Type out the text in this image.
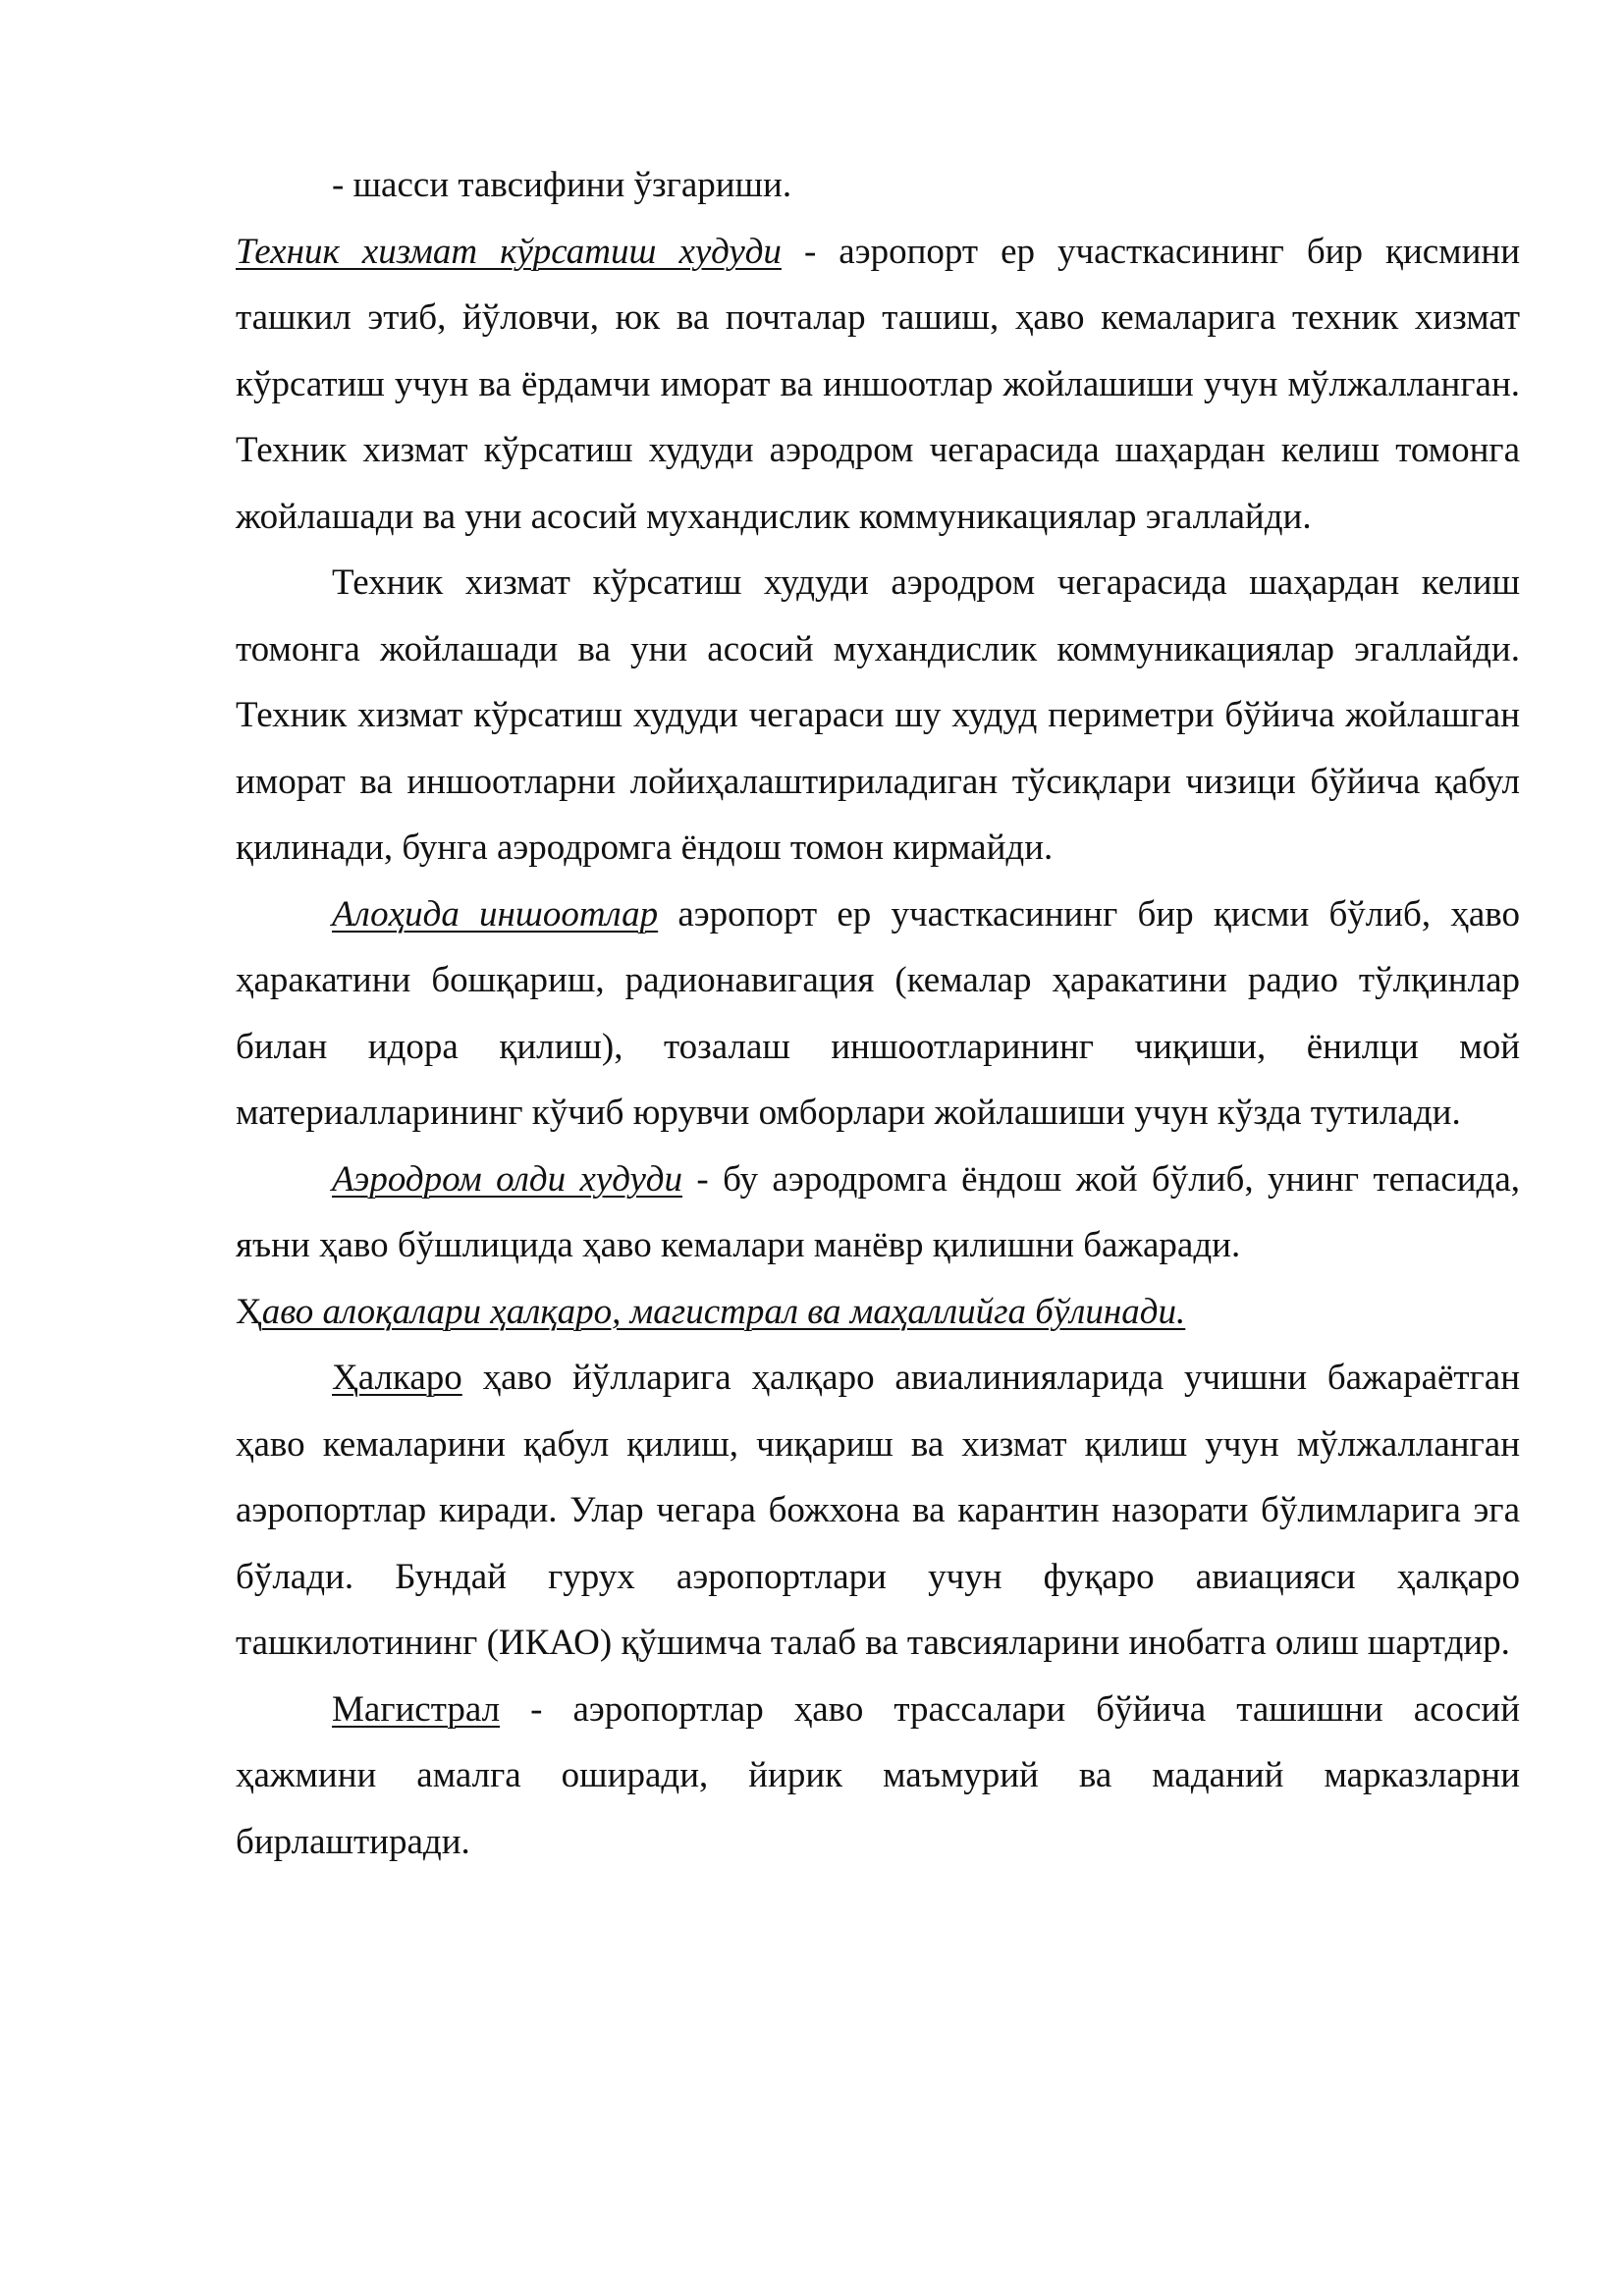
- шасси тавсифини ўзгариши.

Техник хизмат кўрсатиш худуди - аэропорт ер участкасининг бир қисмини ташкил этиб, йўловчи, юк ва почталар ташиш, ҳаво кемаларига техник хизмат кўрсатиш учун ва ёрдамчи иморат ва иншоотлар жойлашиши учун мўлжалланган. Техник хизмат кўрсатиш худуди аэродром чегарасида шаҳардан келиш томонга жойлашади ва уни асосий мухандислик коммуникациялар эгаллайди.

Техник хизмат кўрсатиш худуди аэродром чегарасида шаҳардан келиш томонга жойлашади ва уни асосий мухандислик коммуникациялар эгаллайди. Техник хизмат кўрсатиш худуди чегараси шу худуд периметри бўйича жойлашган иморат ва иншоотларни лойиҳалаштириладиган тўсиқлари чизици бўйича қабул қилинади, бунга аэродромга ёндош томон кирмайди.

Алоҳида иншоотлар аэропорт ер участкасининг бир қисми бўлиб, ҳаво ҳаракатини бошқариш, радионавигация (кемалар ҳаракатини радио тўлқинлар билан идора қилиш), тозалаш иншоотларининг чиқиши, ёнилци мой материалларининг кўчиб юрувчи омборлари жойлашиши учун кўзда тутилади.

Аэродром олди худуди - бу аэродромга ёндош жой бўлиб, унинг тепасида, яъни ҳаво бўшлицида ҳаво кемалари манёвр қилишни бажаради.

Ҳаво алоқалари ҳалқаро, магистрал ва маҳаллийга бўлинади.

Ҳалкаро ҳаво йўлларига ҳалқаро авиалинияларида учишни бажараётган ҳаво кемаларини қабул қилиш, чиқариш ва хизмат қилиш учун мўлжалланган аэропортлар киради. Улар чегара божхона ва карантин назорати бўлимларига эга бўлади. Бундай гурух аэропортлари учун фуқаро авиацияси ҳалқаро ташкилотининг (ИКАО) қўшимча талаб ва тавсияларини инобатга олиш шартдир.

Магистрал - аэропортлар ҳаво трассалари бўйича ташишни асосий ҳажмини амалга оширади, йирик маъмурий ва маданий марказларни бирлаштиради.
